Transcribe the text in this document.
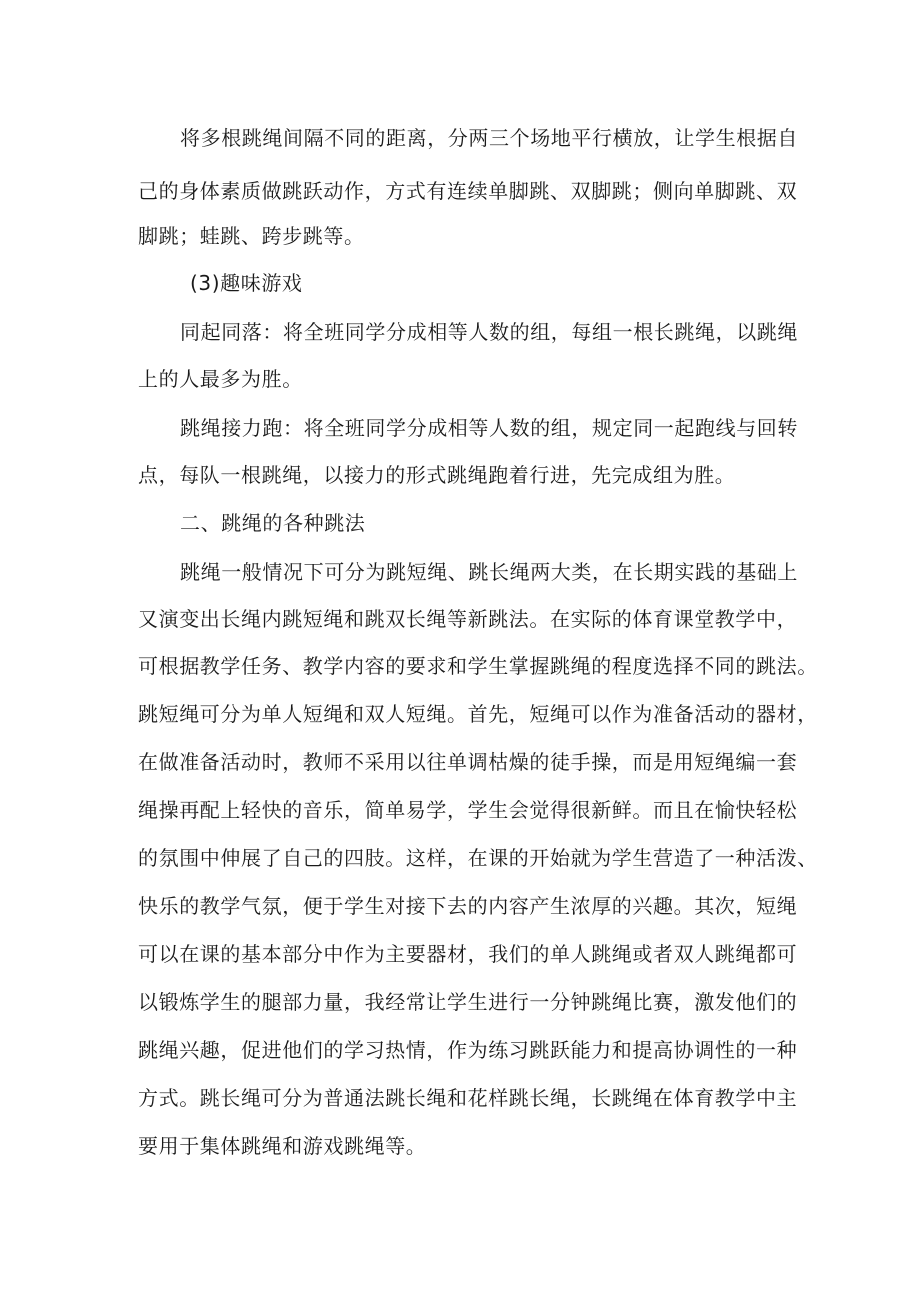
将多根跳绳间隔不同的距离，分两三个场地平行横放，让学生根据自
己的身体素质做跳跃动作，方式有连续单脚跳、双脚跳；侧向单脚跳、双
脚跳；蛙跳、跨步跳等。
(3)趣味游戏
同起同落：将全班同学分成相等人数的组，每组一根长跳绳，以跳绳
上的人最多为胜。
跳绳接力跑：将全班同学分成相等人数的组，规定同一起跑线与回转
点，每队一根跳绳，以接力的形式跳绳跑着行进，先完成组为胜。
二、跳绳的各种跳法
跳绳一般情况下可分为跳短绳、跳长绳两大类，在长期实践的基础上
又演变出长绳内跳短绳和跳双长绳等新跳法。在实际的体育课堂教学中，
可根据教学任务、教学内容的要求和学生掌握跳绳的程度选择不同的跳法。
跳短绳可分为单人短绳和双人短绳。首先，短绳可以作为准备活动的器材，
在做准备活动时，教师不采用以往单调枯燥的徒手操，而是用短绳编一套
绳操再配上轻快的音乐，简单易学，学生会觉得很新鲜。而且在愉快轻松
的氛围中伸展了自己的四肢。这样，在课的开始就为学生营造了一种活泼、
快乐的教学气氛，便于学生对接下去的内容产生浓厚的兴趣。其次，短绳
可以在课的基本部分中作为主要器材，我们的单人跳绳或者双人跳绳都可
以锻炼学生的腿部力量，我经常让学生进行一分钟跳绳比赛，激发他们的
跳绳兴趣，促进他们的学习热情，作为练习跳跃能力和提高协调性的一种
方式。跳长绳可分为普通法跳长绳和花样跳长绳，长跳绳在体育教学中主
要用于集体跳绳和游戏跳绳等。
